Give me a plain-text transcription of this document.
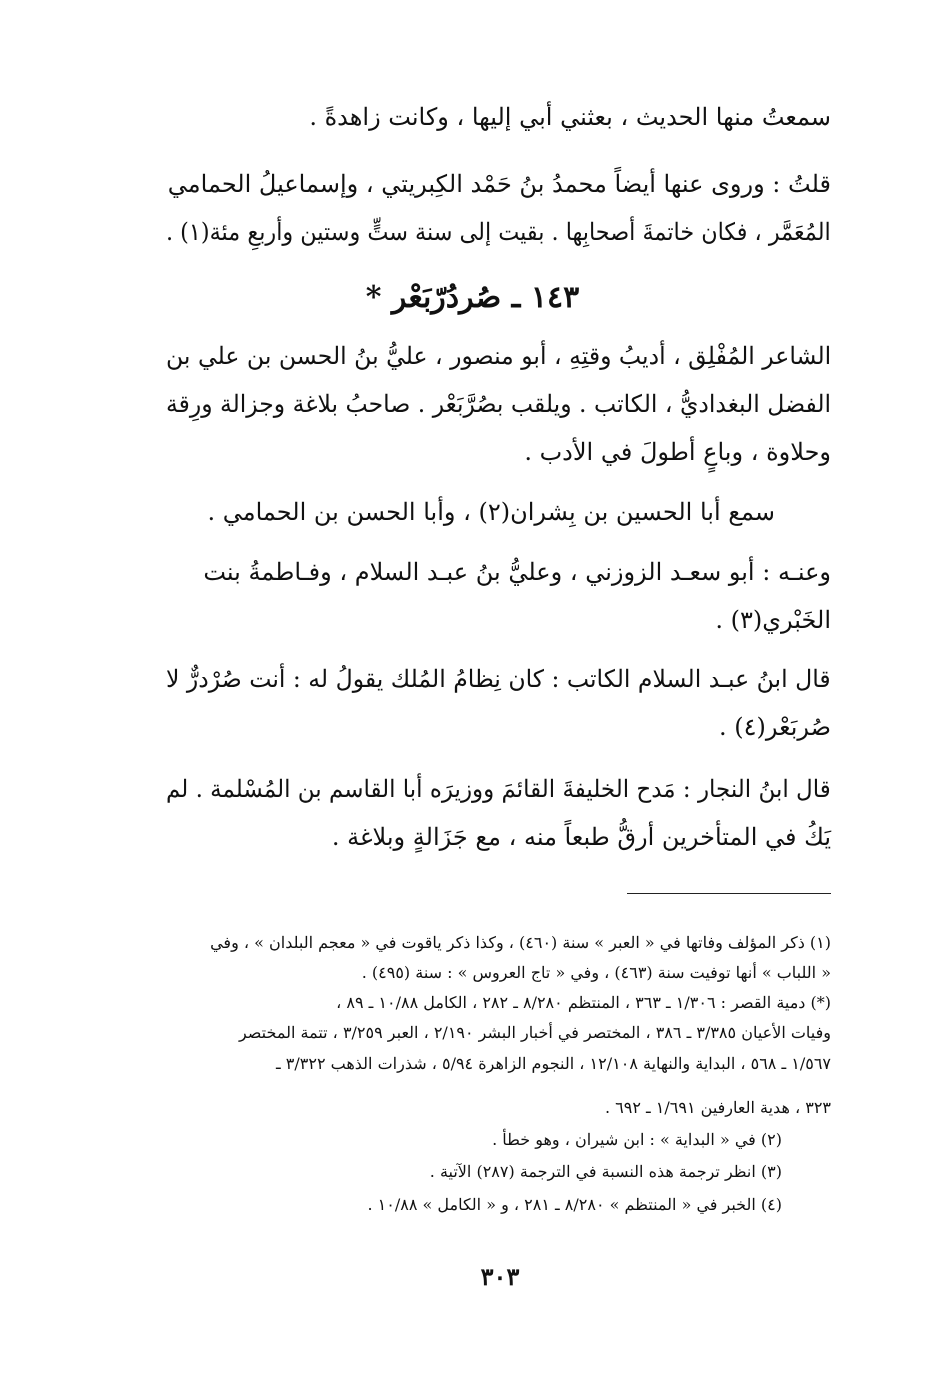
سمعتُ منها الحديث ، بعثني أبي إليها ، وكانت زاهدةً .
قلتُ : وروى عنها أيضاً محمدُ بنُ حَمْد الكِبريتي ، وإسماعيلُ الحمامي
المُعَمَّر ، فكان خاتمةَ أصحابِها . بقيت إلى سنة ستٍّ وستين وأربعِ مئة(١) .
١٤٣ ـ صُردُرّبَعْر *
الشاعر المُفْلِق ، أديبُ وقتِهِ ، أبو منصور ، عليُّ بنُ الحسن بن علي بن
الفضل البغداديُّ ، الكاتب . ويلقب بصُرَّبَعْر . صاحبُ بلاغة وجزالة ورِقة
وحلاوة ، وباعٍ أطولَ في الأدب .
سمع أبا الحسين بن بِشران(٢) ، وأبا الحسن بن الحمامي .
وعنـه : أبو سعـد الزوزني ، وعليُّ بنُ عبـد السلام ، وفـاطمةُ بنت
الخَبْري(٣) .
قال ابنُ عبـد السلام الكاتب : كان نِظامُ المُلك يقولُ له : أنت صُرْدرٌّ لا
صُربَعْر(٤) .
قال ابنُ النجار : مَدح الخليفةَ القائمَ ووزيرَه أبا القاسم بن المُسْلمة . لم
يَكُ في المتأخرين أرقُّ طبعاً منه ، مع جَزَالةٍ وبلاغة .
(١) ذكر المؤلف وفاتها في « العبر » سنة (٤٦٠) ، وكذا ذكر ياقوت في « معجم البلدان » ، وفي
« اللباب » أنها توفيت سنة (٤٦٣) ، وفي « تاج العروس » : سنة (٤٩٥) .
(*) دمية القصر : ١/٣٠٦ ـ ٣٦٣ ، المنتظم ٨/٢٨٠ ـ ٢٨٢ ، الكامل ١٠/٨٨ ـ ٨٩ ،
وفيات الأعيان ٣/٣٨٥ ـ ٣٨٦ ، المختصر في أخبار البشر ٢/١٩٠ ، العبر ٣/٢٥٩ ، تتمة المختصر
١/٥٦٧ ـ ٥٦٨ ، البداية والنهاية ١٢/١٠٨ ، النجوم الزاهرة ٥/٩٤ ، شذرات الذهب ٣/٣٢٢ ـ
٣٢٣ ، هدية العارفين ١/٦٩١ ـ ٦٩٢ .
(٢) في « البداية » : ابن شيران ، وهو خطأ .
(٣) انظر ترجمة هذه النسبة في الترجمة (٢٨٧) الآتية .
(٤) الخبر في « المنتظم » ٨/٢٨٠ ـ ٢٨١ ، و « الكامل » ١٠/٨٨ .
٣٠٣
